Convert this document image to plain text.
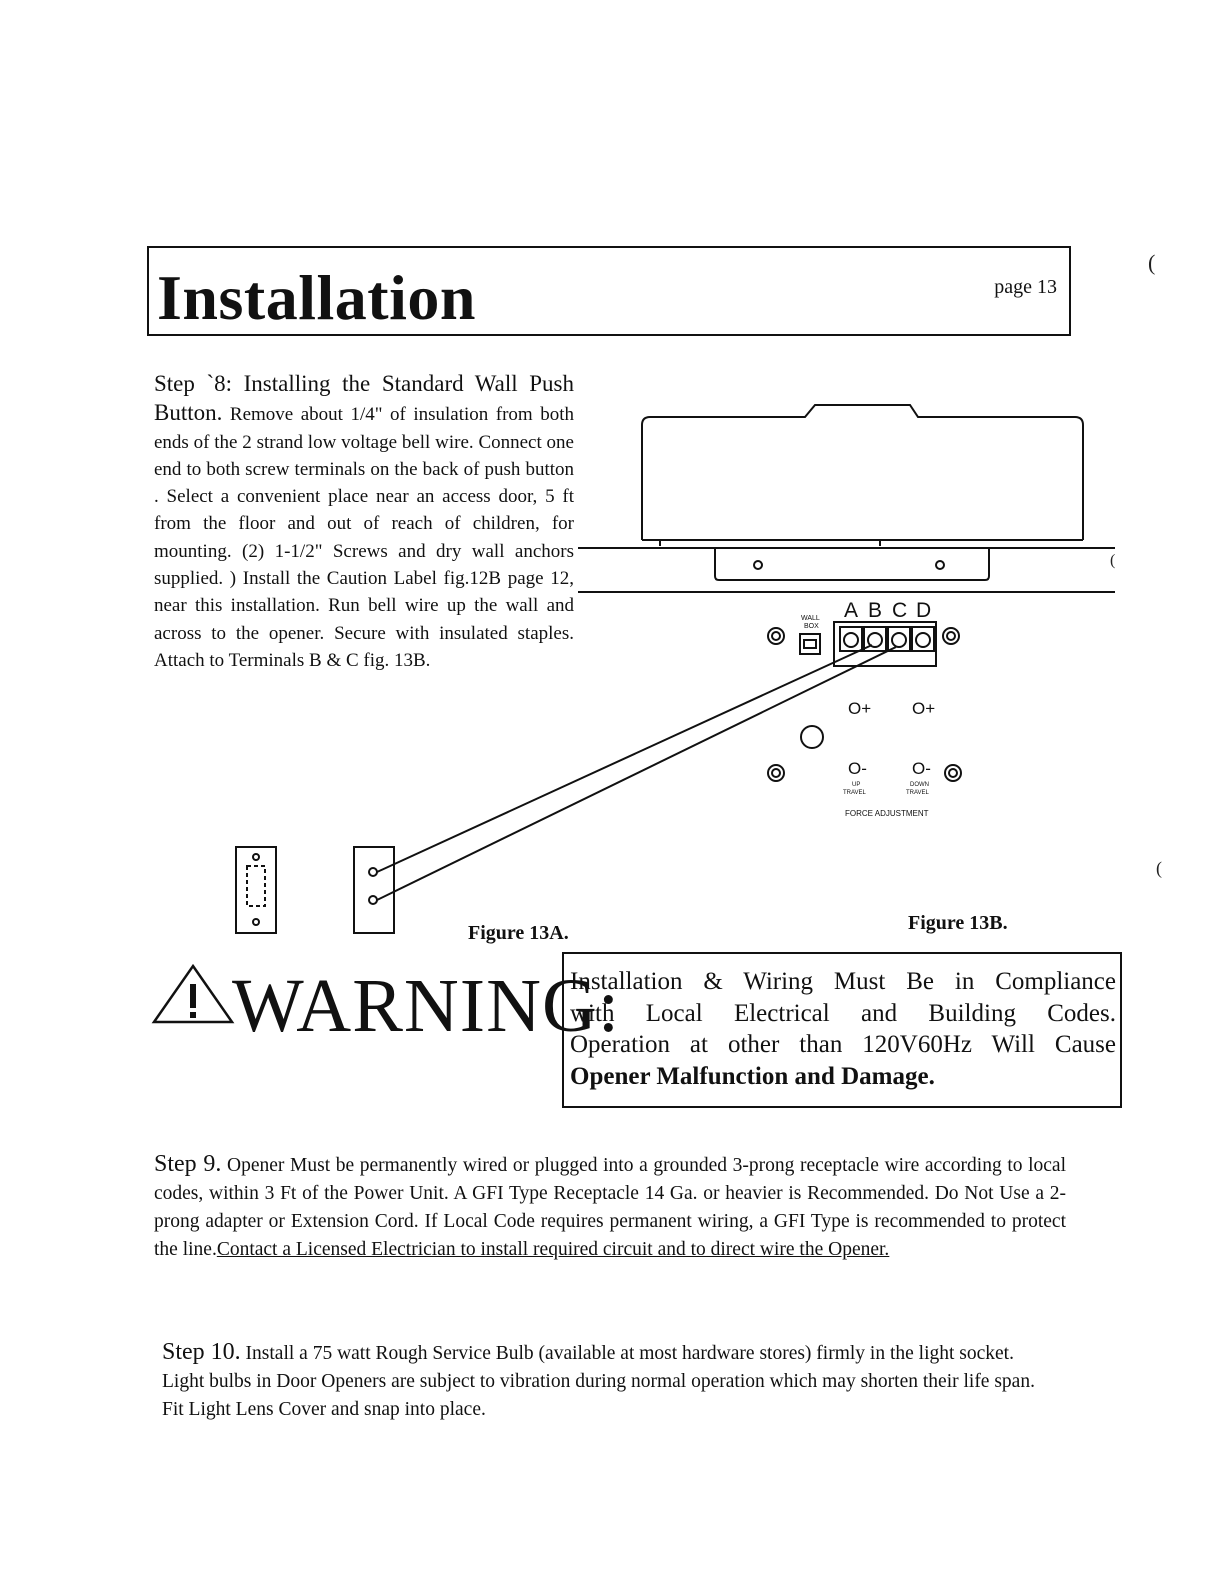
Installation	page 13
(
(
(
Step `8: Installing the Standard Wall Push Button. Remove about 1/4" of insulation from both ends of the 2 strand low voltage bell wire. Connect one end to both screw terminals on the back of push button . Select a convenient place near an access door, 5 ft from the floor and out of reach of children, for mounting. (2) 1-1/2" Screws and dry wall anchors supplied. ) Install the Caution Label fig.12B page 12, near this installation. Run bell wire up the wall and across to the opener. Secure with insulated staples. Attach to Terminals B & C fig. 13B.
A B C D
WALL
BOX
O+ O+
O-	O-
UP
TRAVEL
DOWN
TRAVEL
FORCE ADJUSTMENT
Figure 13A.	Figure 13B.
WARNING:
Installation & Wiring Must Be in Compliance
with Local Electrical and Building Codes.
Operation at other than 120V60Hz Will Cause
Opener Malfunction and Damage.
Step 9. Opener Must be permanently wired or plugged into a grounded 3-prong receptacle wire according to local codes, within 3 Ft of the Power Unit. A GFI Type Receptacle 14 Ga. or heavier is Recommended. Do Not Use a 2-prong adapter or Extension Cord. If Local Code requires permanent wiring, a GFI Type is recommended to protect the line.Contact a Licensed Electrician to install required circuit and to direct wire the Opener.
Step 10. Install a 75 watt Rough Service Bulb (available at most hardware stores) firmly in the light socket. Light bulbs in Door Openers are subject to vibration during normal operation which may shorten their life span. Fit Light Lens Cover and snap into place.
